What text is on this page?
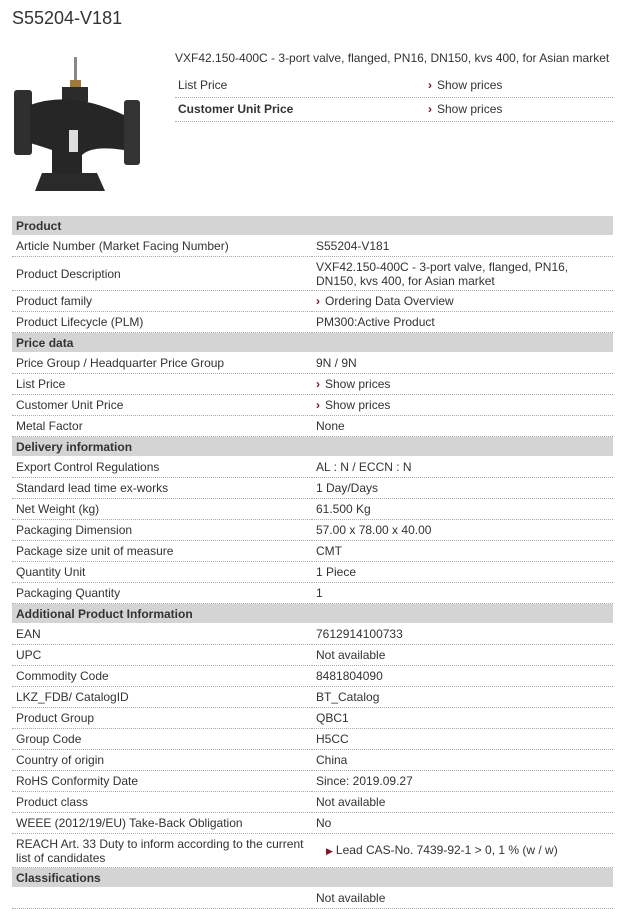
S55204-V181
VXF42.150-400C - 3-port valve, flanged, PN16, DN150, kvs 400, for Asian market
List Price	› Show prices
Customer Unit Price	› Show prices
Product	
Article Number (Market Facing Number)	S55204-V181
Product Description	VXF42.150-400C - 3-port valve, flanged, PN16, DN150, kvs 400, for Asian market
Product family	› Ordering Data Overview
Product Lifecycle (PLM)	PM300:Active Product
Price data	
Price Group / Headquarter Price Group	9N / 9N
List Price	› Show prices
Customer Unit Price	› Show prices
Metal Factor	None
Delivery information	
Export Control Regulations	AL : N / ECCN : N
Standard lead time ex-works	1 Day/Days
Net Weight (kg)	61.500 Kg
Packaging Dimension	57.00 x 78.00 x 40.00
Package size unit of measure	CMT
Quantity Unit	1 Piece
Packaging Quantity	1
Additional Product Information	
EAN	7612914100733
UPC	Not available
Commodity Code	8481804090
LKZ_FDB/ CatalogID	BT_Catalog
Product Group	QBC1
Group Code	H5CC
Country of origin	China
RoHS Conformity Date	Since: 2019.09.27
Product class	Not available
WEEE (2012/19/EU) Take-Back Obligation	No
REACH Art. 33 Duty to inform according to the current list of candidates	▶ Lead CAS-No. 7439-92-1 > 0, 1 % (w / w)
Classifications	
	Not available
